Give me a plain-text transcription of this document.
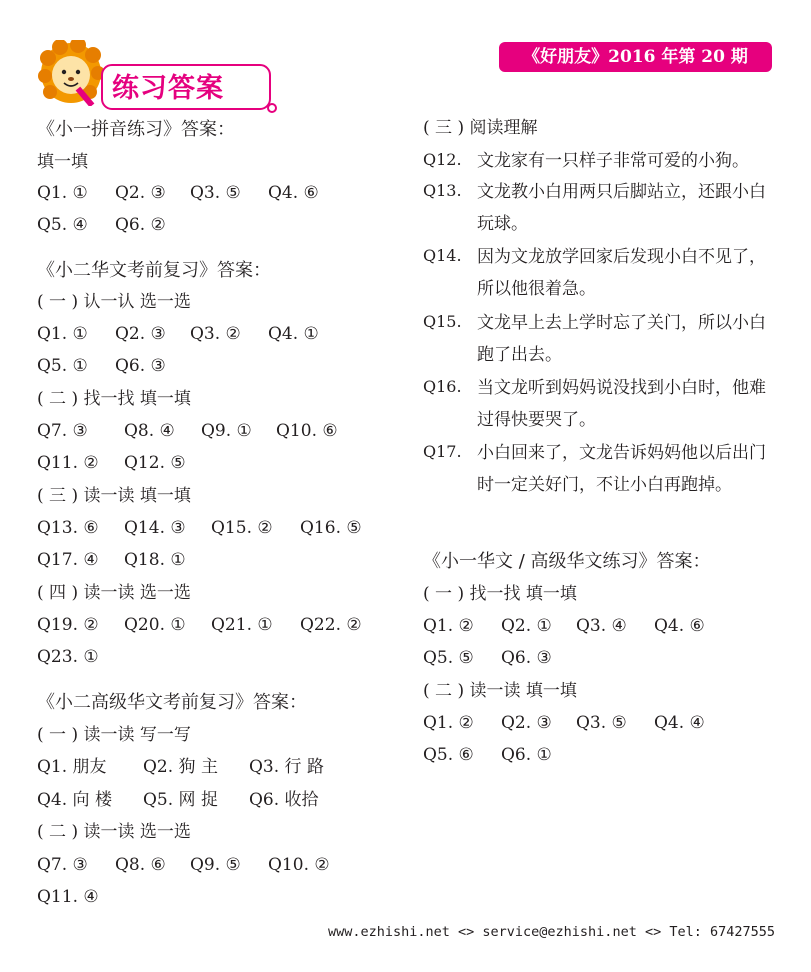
练习答案
《好朋友》2016 年第 20 期
《小一拼音练习》答案：
填一填
Q1. ① Q2. ③ Q3. ⑤ Q4. ⑥
Q5. ④ Q6. ②
《小二华文考前复习》答案：
( 一 ) 认一认 选一选
Q1. ① Q2. ③ Q3. ② Q4. ①
Q5. ① Q6. ③
( 二 ) 找一找 填一填
Q7. ③ Q8. ④ Q9. ① Q10. ⑥
Q11. ② Q12. ⑤
( 三 ) 读一读 填一填
Q13. ⑥ Q14. ③ Q15. ② Q16. ⑤
Q17. ④ Q18. ①
( 四 ) 读一读 选一选
Q19. ② Q20. ① Q21. ① Q22. ②
Q23. ①
《小二高级华文考前复习》答案：
( 一 ) 读一读 写一写
Q1. 朋友 Q2. 狗 主 Q3. 行 路
Q4. 向 楼 Q5. 网 捉 Q6. 收拾
( 二 ) 读一读 选一选
Q7. ③ Q8. ⑥ Q9. ⑤ Q10. ②
Q11. ④
( 三 ) 阅读理解
Q12. 文龙家有一只样子非常可爱的小狗。
Q13. 文龙教小白用两只后脚站立，还跟小白玩球。
Q14. 因为文龙放学回家后发现小白不见了，所以他很着急。
Q15. 文龙早上去上学时忘了关门，所以小白跑了出去。
Q16. 当文龙听到妈妈说没找到小白时，他难过得快要哭了。
Q17. 小白回来了，文龙告诉妈妈他以后出门时一定关好门，不让小白再跑掉。
《小一华文 / 高级华文练习》答案：
( 一 ) 找一找 填一填
Q1. ② Q2. ① Q3. ④ Q4. ⑥
Q5. ⑤ Q6. ③
( 二 ) 读一读 填一填
Q1. ② Q2. ③ Q3. ⑤ Q4. ④
Q5. ⑥ Q6. ①
www.ezhishi.net <> service@ezhishi.net <> Tel: 67427555
